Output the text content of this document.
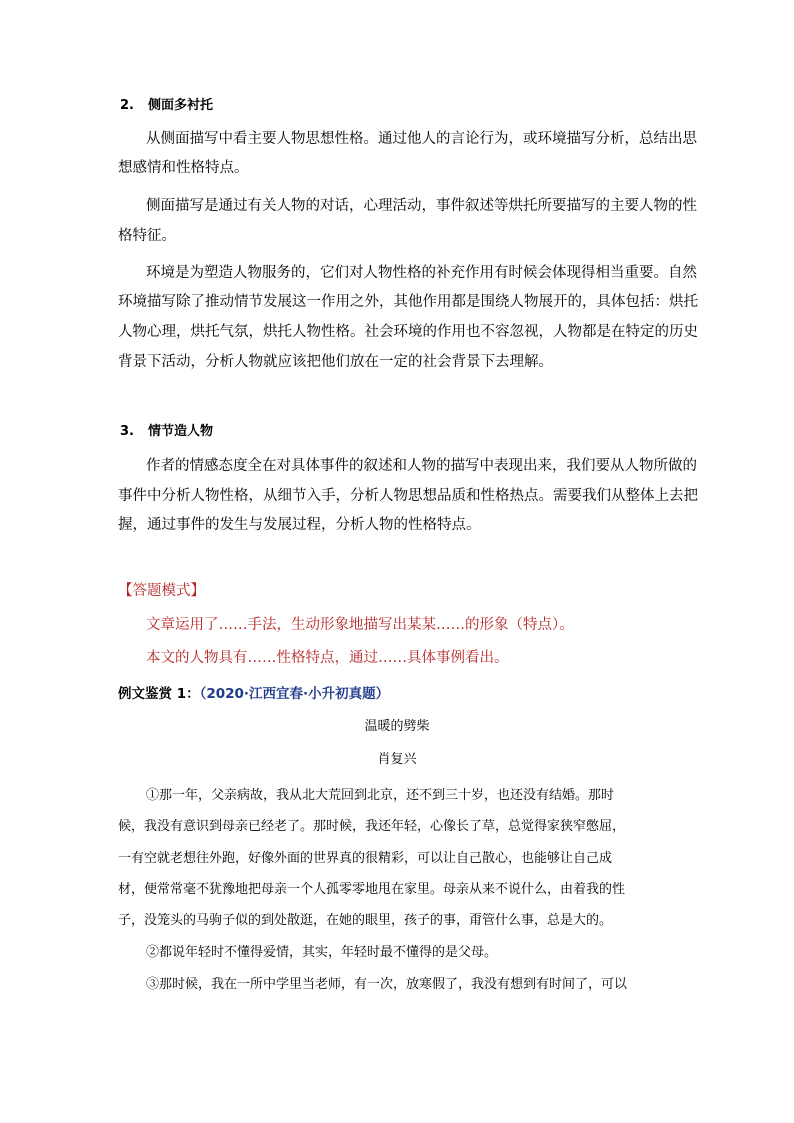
2. 侧面多衬托
从侧面描写中看主要人物思想性格。通过他人的言论行为，或环境描写分析，总结出思
想感情和性格特点。
侧面描写是通过有关人物的对话，心理活动，事件叙述等烘托所要描写的主要人物的性
格特征。
环境是为塑造人物服务的，它们对人物性格的补充作用有时候会体现得相当重要。自然
环境描写除了推动情节发展这一作用之外，其他作用都是围绕人物展开的，具体包括：烘托
人物心理，烘托气氛，烘托人物性格。社会环境的作用也不容忽视，人物都是在特定的历史
背景下活动，分析人物就应该把他们放在一定的社会背景下去理解。
3. 情节造人物
作者的情感态度全在对具体事件的叙述和人物的描写中表现出来，我们要从人物所做的
事件中分析人物性格，从细节入手，分析人物思想品质和性格热点。需要我们从整体上去把
握，通过事件的发生与发展过程，分析人物的性格特点。
【答题模式】
文章运用了……手法，生动形象地描写出某某……的形象（特点）。
本文的人物具有……性格特点，通过……具体事例看出。
例文鉴赏 1：（2020·江西宜春·小升初真题）
温暖的劈柴
肖复兴
①那一年，父亲病故，我从北大荒回到北京，还不到三十岁，也还没有结婚。那时
候，我没有意识到母亲已经老了。那时候，我还年轻，心像长了草，总觉得家狭窄憋屈，
一有空就老想往外跑，好像外面的世界真的很精彩，可以让自己散心，也能够让自己成
材，便常常毫不犹豫地把母亲一个人孤零零地甩在家里。母亲从来不说什么，由着我的性
子，没笼头的马驹子似的到处散逛，在她的眼里，孩子的事，甭管什么事，总是大的。
②都说年轻时不懂得爱情，其实，年轻时最不懂得的是父母。
③那时候，我在一所中学里当老师，有一次，放寒假了，我没有想到有时间了，可以
